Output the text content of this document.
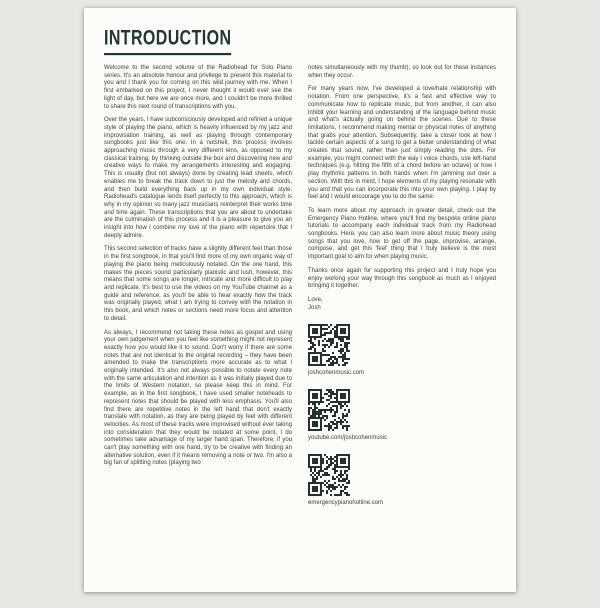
INTRODUCTION

Welcome to the second volume of the Radiohead for Solo Piano series. It's an absolute honour and privilege to present this material to you and I thank you for coming on this wild journey with me. When I first embarked on this project, I never thought it would ever see the light of day, but here we are once more, and I couldn't be more thrilled to share this next round of transcriptions with you.

Over the years, I have subconsciously developed and refined a unique style of playing the piano, which is heavily influenced by my jazz and improvisation training, as well as playing through contemporary songbooks just like this one. In a nutshell, this process involves approaching music through a very different lens, as opposed to my classical training, by thinking outside the box and discovering new and creative ways to make my arrangements interesting and engaging. This is usually (but not always) done by creating lead sheets, which enables me to break the track down to just the melody and chords, and then build everything back up in my own individual style. Radiohead's catalogue lends itself perfectly to this approach, which is why in my opinion so many jazz musicians reinterpret their works time and time again. These transcriptions that you are about to undertake are the culmination of this process and it is a pleasure to give you an insight into how I combine my love of the piano with repertoire that I deeply admire.

This second selection of tracks have a slightly different feel than those in the first songbook, in that you'll find more of my own organic way of playing the piano being meticulously notated. On the one hand, this makes the pieces sound particularly pianistic and lush, however, this means that some songs are longer, intricate and more difficult to play and replicate. It's best to use the videos on my YouTube channel as a guide and reference, as you'll be able to hear exactly how the track was originally played, what I am trying to convey with the notation in this book, and which notes or sections need more focus and attention to detail.

As always, I recommend not taking these notes as gospel and using your own judgement when you feel like something might not represent exactly how you would like it to sound. Don't worry if there are some notes that are not identical to the original recording – they have been amended to make the transcriptions more accurate as to what I originally intended. It's also not always possible to notate every note with the same articulation and intention as it was initially played due to the limits of Western notation, so please keep this in mind. For example, as in the first songbook, I have used smaller noteheads to represent notes that should be played with less emphasis. You'll also find there are repetitive notes in the left hand that don't exactly translate with notation, as they are being played by feel with different velocities. As most of these tracks were improvised without ever taking into consideration that they would be notated at some point, I do sometimes take advantage of my larger hand span. Therefore, if you can't play something with one hand, try to be creative with finding an alternative solution, even if it means removing a note or two. I'm also a big fan of splitting notes (playing two

notes simultaneously with my thumb), so look out for those instances when they occur.

For many years now, I've developed a love/hate relationship with notation. From one perspective, it's a fast and effective way to communicate how to replicate music, but from another, it can also inhibit your learning and understanding of the language behind music and what's actually going on behind the scenes. Due to these limitations, I recommend making mental or physical notes of anything that grabs your attention. Subsequently, take a closer look at how I tackle certain aspects of a song to get a better understanding of what creates that sound, rather than just simply reading the dots. For example, you might connect with the way I voice chords, use left-hand techniques (e.g. hitting the fifth of a chord before an octave) or how I play rhythmic patterns in both hands when I'm jamming out over a section. With this in mind, I hope elements of my playing resonate with you and that you can incorporate this into your own playing. I play by feel and I would encourage you to do the same.

To learn more about my approach in greater detail, check out the Emergency Piano Hotline, where you'll find my bespoke online piano tutorials to accompany each individual track from my Radiohead songbooks. Here, you can also learn more about music theory using songs that you love, how to get off the page, improvise, arrange, compose, and get this 'feel' thing that I truly believe is the most important goal to aim for when playing music.

Thanks once again for supporting this project and I truly hope you enjoy working your way through this songbook as much as I enjoyed bringing it together.

Love,

Josh

joshcohenmusic.com
youtube.com/joshcohenmusic
emergencypianohotline.com
